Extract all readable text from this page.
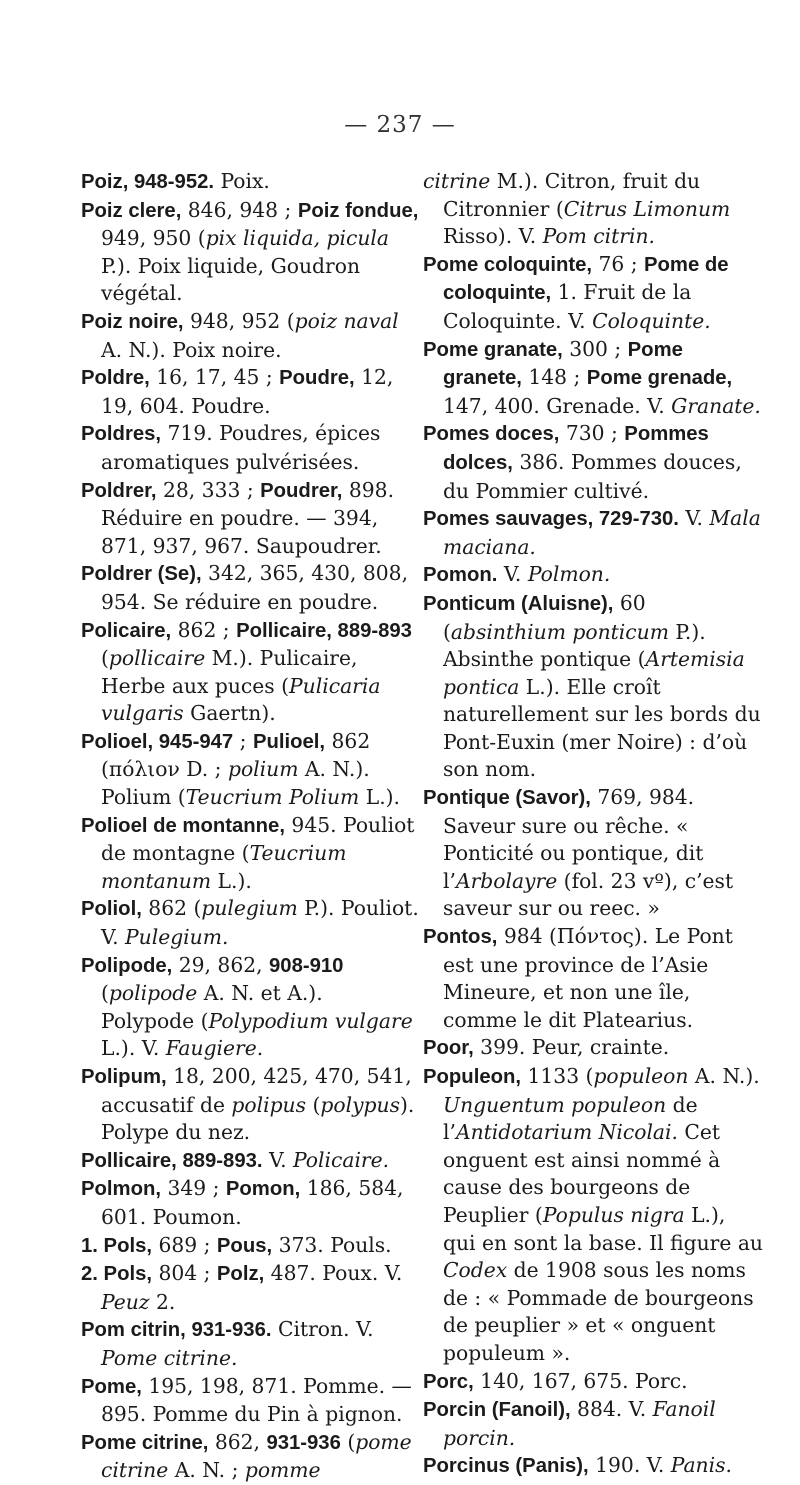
— 237 —

Poiz, 948-952. Poix.

Poiz clere, 846, 948 ; Poiz fondue, 949, 950 (pix liquida, picula P.). Poix liquide, Goudron végétal.

Poiz noire, 948, 952 (poiz naval A. N.). Poix noire.

Poldre, 16, 17, 45 ; Poudre, 12, 19, 604. Poudre.

Poldres, 719. Poudres, épices aromatiques pulvérisées.

Poldrer, 28, 333 ; Poudrer, 898. Réduire en poudre. — 394, 871, 937, 967. Saupoudrer.

Poldrer (Se), 342, 365, 430, 808, 954. Se réduire en poudre.

Policaire, 862 ; Pollicaire, 889-893 (pollicaire M.). Pulicaire, Herbe aux puces (Pulicaria vulgaris Gaertn).

Polioel, 945-947 ; Pulioel, 862 (πόλιον D. ; polium A. N.). Polium (Teucrium Polium L.).

Polioel de montanne, 945. Pouliot de montagne (Teucrium montanum L.).

Poliol, 862 (pulegium P.). Pouliot. V. Pulegium.

Polipode, 29, 862, 908-910 (polipode A. N. et A.). Polypode (Polypodium vulgare L.). V. Faugiere.

Polipum, 18, 200, 425, 470, 541, accusatif de polipus (polypus). Polype du nez.

Pollicaire, 889-893. V. Policaire.

Polmon, 349 ; Pomon, 186, 584, 601. Poumon.

1. Pols, 689 ; Pous, 373. Pouls.

2. Pols, 804 ; Polz, 487. Poux. V. Peuz 2.

Pom citrin, 931-936. Citron. V. Pome citrine.

Pome, 195, 198, 871. Pomme. — 895. Pomme du Pin à pignon.

Pome citrine, 862, 931-936 (pome citrine A. N. ; pomme

citrine M.). Citron, fruit du Citronnier (Citrus Limonum Risso). V. Pom citrin.

Pome coloquinte, 76 ; Pome de coloquinte, 1. Fruit de la Coloquinte. V. Coloquinte.

Pome granate, 300 ; Pome granete, 148 ; Pome grenade, 147, 400. Grenade. V. Granate.

Pomes doces, 730 ; Pommes dolces, 386. Pommes douces, du Pommier cultivé.

Pomes sauvages, 729-730. V. Mala maciana.

Pomon. V. Polmon.

Ponticum (Aluisne), 60 (absinthium ponticum P.). Absinthe pontique (Artemisia pontica L.). Elle croît naturellement sur les bords du Pont-Euxin (mer Noire) : d’où son nom.

Pontique (Savor), 769, 984. Saveur sure ou rêche. « Ponticité ou pontique, dit l’Arbolayre (fol. 23 vº), c’est saveur sur ou reec. »

Pontos, 984 (Πόντος). Le Pont est une province de l’Asie Mineure, et non une île, comme le dit Platearius.

Poor, 399. Peur, crainte.

Populeon, 1133 (populeon A. N.). Unguentum populeon de l’Antidotarium Nicolai. Cet onguent est ainsi nommé à cause des bourgeons de Peuplier (Populus nigra L.), qui en sont la base. Il figure au Codex de 1908 sous les noms de : « Pommade de bourgeons de peuplier » et « onguent populeum ».

Porc, 140, 167, 675. Porc.

Porcin (Fanoil), 884. V. Fanoil porcin.

Porcinus (Panis), 190. V. Panis.
